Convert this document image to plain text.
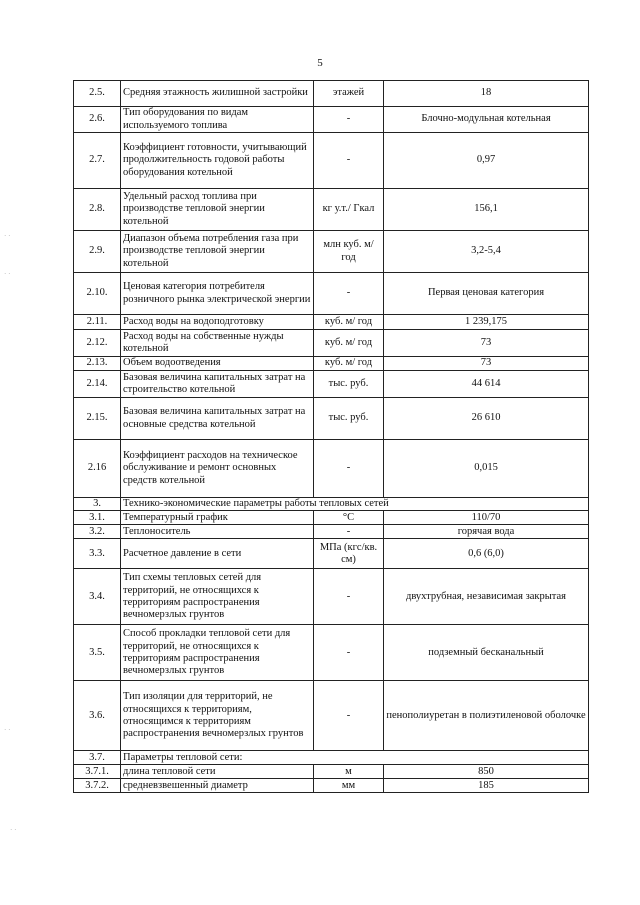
5
2.5.	Средняя этажность жилишной застройки	этажей	18
2.6.	Тип оборудования по видам используемого топлива	-	Блочно-модульная котельная
2.7.	Коэффициент готовности, учитывающий продолжительность годовой работы оборудования котельной	-	0,97
2.8.	Удельный расход топлива при производстве тепловой энергии котельной	кг у.т./ Гкал	156,1
2.9.	Диапазон объема потребления газа при производстве тепловой энергии котельной	млн куб. м/ год	3,2-5,4
2.10.	Ценовая категория потребителя розничного рынка электрической энергии	-	Первая ценовая категория
2.11.	Расход воды на водоподготовку	куб. м/ год	1 239,175
2.12.	Расход воды на собственные нужды котельной	куб. м/ год	73
2.13.	Объем водоотведения	куб. м/ год	73
2.14.	Базовая величина капитальных затрат на строительство котельной	тыс. руб.	44 614
2.15.	Базовая величина капитальных затрат на основные средства котельной	тыс. руб.	26 610
2.16	Коэффициент расходов на техническое обслуживание и ремонт основных средств котельной	-	0,015
3.	Технико-экономические параметры работы тепловых сетей		
3.1.	Температурный график	°С	110/70
3.2.	Теплоноситель	-	горячая вода
3.3.	Расчетное давление в сети	МПа (кгс/кв. см)	0,6 (6,0)
3.4.	Тип схемы тепловых сетей для территорий, не относящихся к территориям распространения вечномерзлых грунтов	-	двухтрубная, независимая закрытая
3.5.	Способ прокладки тепловой сети для территорий, не относящихся к территориям распространения вечномерзлых грунтов	-	подземный бесканальный
3.6.	Тип изоляции для территорий, не относящихся к территориям, относящимся к территориям распространения вечномерзлых грунтов	-	пенополиуретан в полиэтиленовой оболочке
3.7.	Параметры тепловой сети:		
3.7.1.	длина тепловой сети	м	850
3.7.2.	средневзвешенный диаметр	мм	185
· ·
· ·
· ·
· ·
